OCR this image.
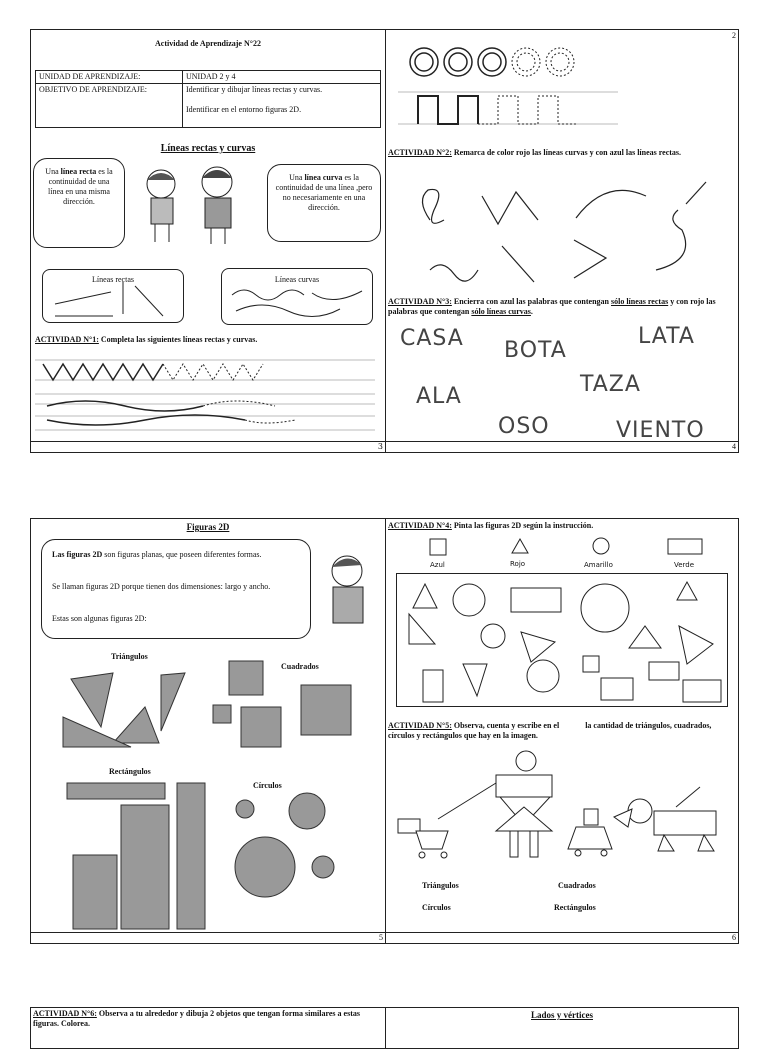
Actividad de Aprendizaje N°22
UNIDAD DE APRENDIZAJE:	UNIDAD 2 y 4
OBJETIVO DE APRENDIZAJE:	Identificar y dibujar líneas rectas y curvas.
Identificar en el entorno figuras 2D.
Líneas rectas y curvas
Una línea recta es la continuidad de una línea en una misma dirección.
Una línea curva es la continuidad de una línea ,pero no necesariamente en una dirección.
Líneas rectas	Líneas curvas
ACTIVIDAD N°1: Completa las siguientes líneas rectas y curvas.
3
2
ACTIVIDAD N°2: Remarca de color rojo las líneas curvas y con azul las líneas rectas.
ACTIVIDAD N°3: Encierra con azul las palabras que contengan sólo líneas rectas y con rojo las palabras que contengan sólo líneas curvas.
CASA BOTA
LATA
TAZA
ALA
OSO	VIENTO
4
Figuras 2D
Las figuras 2D son figuras planas, que poseen diferentes formas.
Se llaman figuras 2D porque tienen dos dimensiones: largo y ancho.
Estas son algunas figuras 2D:
Triángulos
Cuadrados
Rectángulos
Círculos
5
ACTIVIDAD N°4: Pinta las figuras 2D según la instrucción.
Azul	Rojo	Amarillo	Verde
ACTIVIDAD N°5: Observa, cuenta y escribe en el	la cantidad de triángulos, cuadrados, círculos y rectángulos que hay en la imagen.
Triángulos	Cuadrados
Círculos	Rectángulos
6
ACTIVIDAD N°6: Observa a tu alrededor y dibuja 2 objetos que tengan forma similares a estas figuras. Colorea.
Lados y vértices
